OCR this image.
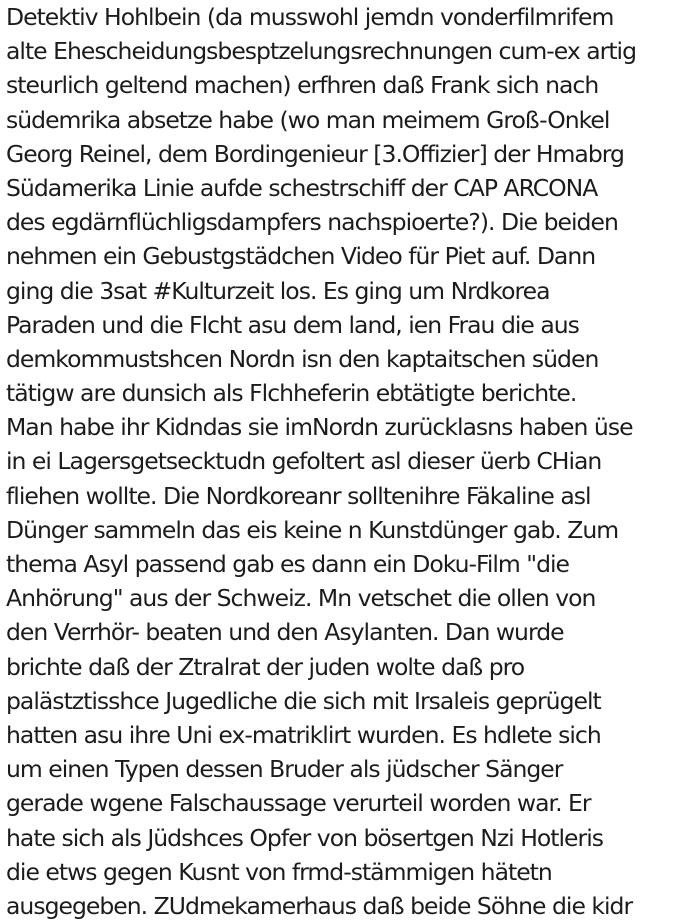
Detektiv Hohlbein (da musswohl jemdn vonderfilmrifem
alte Ehescheidungsbesptzelungsrechnungen cum-ex artig
steurlich geltend machen) erfhren daß Frank sich nach
südemrika absetze habe (wo man meimem Groß-Onkel
Georg Reinel, dem Bordingenieur [3.Offizier] der Hmabrg
Südamerika Linie aufde schestrschiff der CAP ARCONA
des egdärnflüchligsdampfers nachspioerte?). Die beiden
nehmen ein Gebustgstädchen Video für Piet auf. Dann
ging die 3sat #Kulturzeit los. Es ging um Nrdkorea
Paraden und die Flcht asu dem land, ien Frau die aus
demkommustshcen Nordn isn den kaptaitschen süden
tätigw are dunsich als Flchheferin ebtätigte berichte.
Man habe ihr Kidndas sie imNordn zurücklasns haben üse
in ei Lagersgetsecktudn gefoltert asl dieser üerb CHian
fliehen wollte. Die Nordkoreanr solltenihre Fäkaline asl
Dünger sammeln das eis keine n Kunstdünger gab. Zum
thema Asyl passend gab es dann ein Doku-Film "die
Anhörung" aus der Schweiz. Mn vetschet die ollen von
den Verrhör- beaten und den Asylanten. Dan wurde
brichte daß der Ztralrat der juden wolte daß pro
palästztisshce Jugedliche die sich mit Irsaleis geprügelt
hatten asu ihre Uni ex-matriklirt wurden. Es hdlete sich
um einen Typen dessen Bruder als jüdscher Sänger
gerade wgene Falschaussage verurteil worden war. Er
hate sich als Jüdshces Opfer von bösertgen Nzi Hotleris
die etws gegen Kusnt von frmd-stämmigen hätetn
ausgegeben. ZUdmekamerhaus daß beide Söhne die kidr
